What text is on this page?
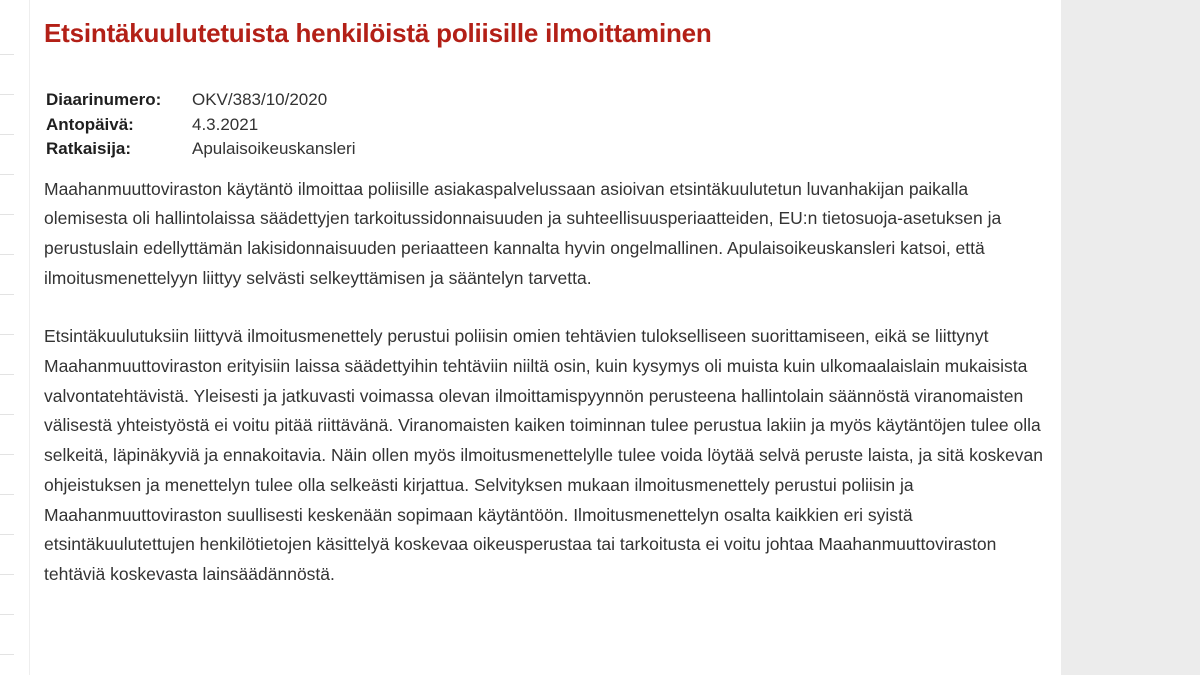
Etsintäkuulutetuista henkilöistä poliisille ilmoittaminen
Diaarinumero:	OKV/383/10/2020
Antopäivä:	4.3.2021
Ratkaisija:	Apulaisoikeuskansleri

Maahanmuuttoviraston käytäntö ilmoittaa poliisille asiakaspalvelussaan asioivan etsintäkuulutetun luvanhakijan paikalla olemisesta oli hallintolaissa säädettyjen tarkoitussidonnaisuuden ja suhteellisuusperiaatteiden, EU:n tietosuoja-asetuksen ja perustuslain edellyttämän lakisidonnaisuuden periaatteen kannalta hyvin ongelmallinen. Apulaisoikeuskansleri katsoi, että ilmoitusmenettelyyn liittyy selvästi selkeyttämisen ja sääntelyn tarvetta.

Etsintäkuulutuksiin liittyvä ilmoitusmenettely perustui poliisin omien tehtävien tulokselliseen suorittamiseen, eikä se liittynyt Maahanmuuttoviraston erityisiin laissa säädettyihin tehtäviin niiltä osin, kuin kysymys oli muista kuin ulkomaalaislain mukaisista valvontatehtävistä. Yleisesti ja jatkuvasti voimassa olevan ilmoittamispyynnön perusteena hallintolain säännöstä viranomaisten välisestä yhteistyöstä ei voitu pitää riittävänä. Viranomaisten kaiken toiminnan tulee perustua lakiin ja myös käytäntöjen tulee olla selkeitä, läpinäkyviä ja ennakoitavia. Näin ollen myös ilmoitusmenettelylle tulee voida löytää selvä peruste laista, ja sitä koskevan ohjeistuksen ja menettelyn tulee olla selkeästi kirjattua. Selvityksen mukaan ilmoitusmenettely perustui poliisin ja Maahanmuuttoviraston suullisesti keskenään sopimaan käytäntöön. Ilmoitusmenettelyn osalta kaikkien eri syistä etsintäkuulutettujen henkilötietojen käsittelyä koskevaa oikeusperustaa tai tarkoitusta ei voitu johtaa Maahanmuuttoviraston tehtäviä koskevasta lainsäädännöstä.
